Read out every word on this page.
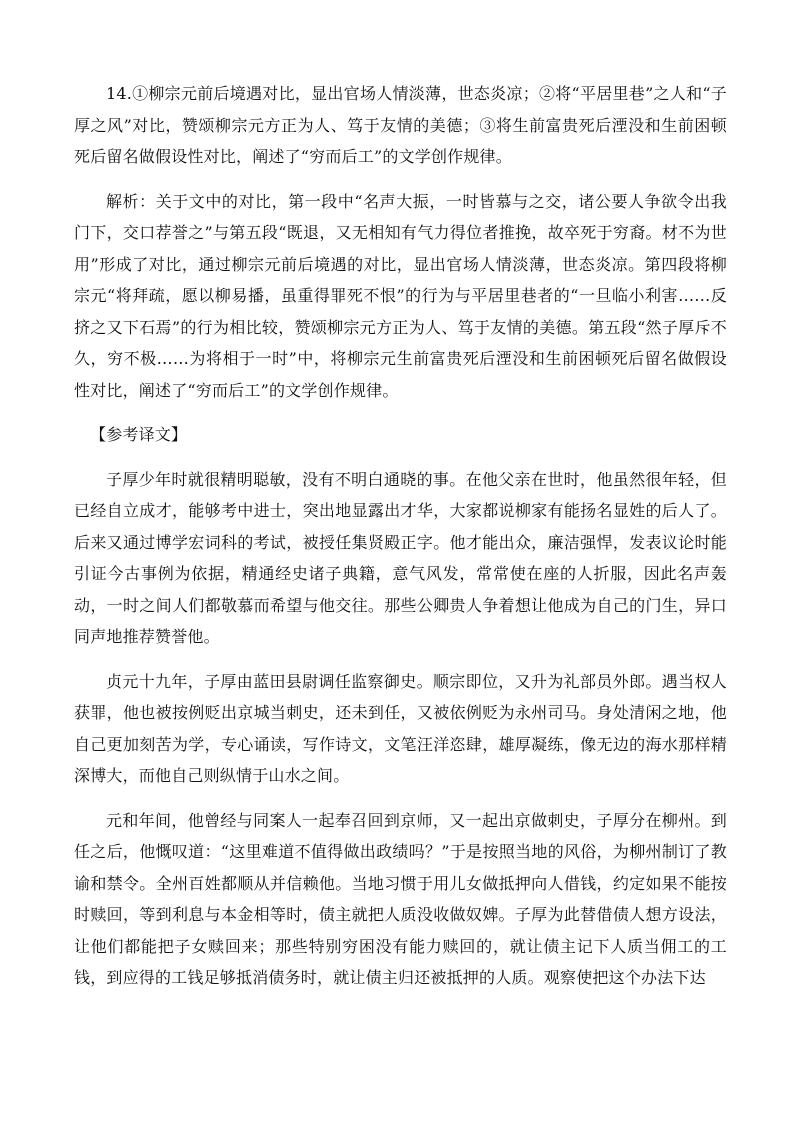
14.①柳宗元前后境遇对比，显出官场人情淡薄，世态炎凉；②将“平居里巷”之人和“子厚之风”对比，赞颂柳宗元方正为人、笃于友情的美德；③将生前富贵死后湮没和生前困顿死后留名做假设性对比，阐述了“穷而后工”的文学创作规律。

解析：关于文中的对比，第一段中“名声大振，一时皆慕与之交，诸公要人争欲令出我门下，交口荐誉之”与第五段“既退，又无相知有气力得位者推挽，故卒死于穷裔。材不为世用”形成了对比，通过柳宗元前后境遇的对比，显出官场人情淡薄，世态炎凉。第四段将柳宗元“将拜疏，愿以柳易播，虽重得罪死不恨”的行为与平居里巷者的“一旦临小利害……反挤之又下石焉”的行为相比较，赞颂柳宗元方正为人、笃于友情的美德。第五段“然子厚斥不久，穷不极……为将相于一时”中，将柳宗元生前富贵死后湮没和生前困顿死后留名做假设性对比，阐述了“穷而后工”的文学创作规律。

【参考译文】

子厚少年时就很精明聪敏，没有不明白通晓的事。在他父亲在世时，他虽然很年轻，但已经自立成才，能够考中进士，突出地显露出才华，大家都说柳家有能扬名显姓的后人了。后来又通过博学宏词科的考试，被授任集贤殿正字。他才能出众，廉洁强悍，发表议论时能引证今古事例为依据，精通经史诸子典籍，意气风发，常常使在座的人折服，因此名声轰动，一时之间人们都敬慕而希望与他交往。那些公卿贵人争着想让他成为自己的门生，异口同声地推荐赞誉他。

贞元十九年，子厚由蓝田县尉调任监察御史。顺宗即位，又升为礼部员外郎。遇当权人获罪，他也被按例贬出京城当刺史，还未到任，又被依例贬为永州司马。身处清闲之地，他自己更加刻苦为学，专心诵读，写作诗文，文笔汪洋恣肆，雄厚凝练，像无边的海水那样精深博大，而他自己则纵情于山水之间。

元和年间，他曾经与同案人一起奉召回到京师，又一起出京做刺史，子厚分在柳州。到任之后，他慨叹道：“这里难道不值得做出政绩吗？”于是按照当地的风俗，为柳州制订了教谕和禁令。全州百姓都顺从并信赖他。当地习惯于用儿女做抵押向人借钱，约定如果不能按时赎回，等到利息与本金相等时，债主就把人质没收做奴婢。子厚为此替借债人想方设法，让他们都能把子女赎回来；那些特别穷困没有能力赎回的，就让债主记下人质当佣工的工钱，到应得的工钱足够抵消债务时，就让债主归还被抵押的人质。观察使把这个办法下达
